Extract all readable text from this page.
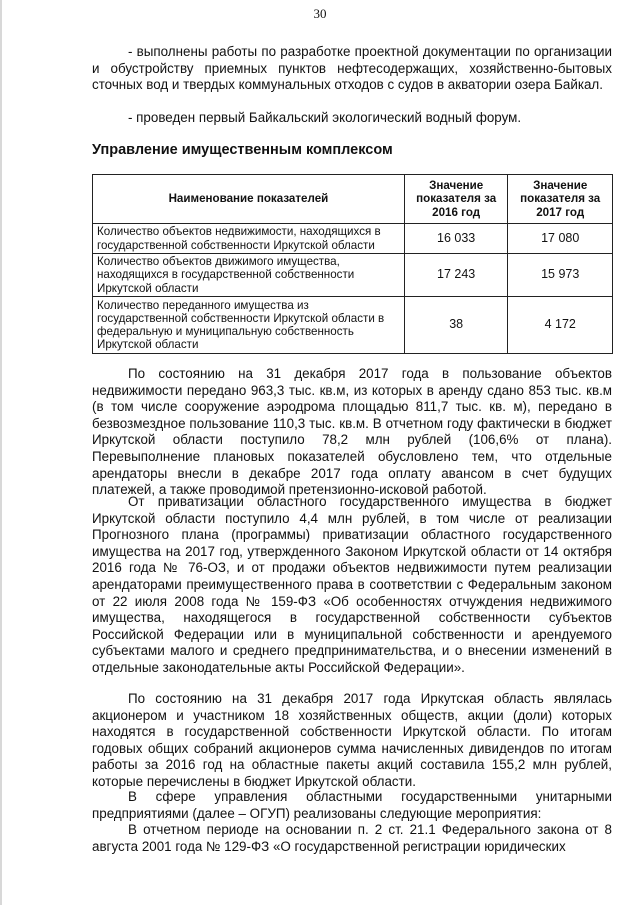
30

- выполнены работы по разработке проектной документации по организации и обустройству приемных пунктов нефтесодержащих, хозяйственно-бытовых сточных вод и твердых коммунальных отходов с судов в акватории озера Байкал.

- проведен первый Байкальский экологический водный форум.

Управление имущественным комплексом
Наименование показателей	Значение показателя за 2016 год	Значение показателя за 2017 год
Количество объектов недвижимости, находящихся в государственной собственности Иркутской области	16 033	17 080
Количество объектов движимого имущества, находящихся в государственной собственности Иркутской области	17 243	15 973
Количество переданного имущества из государственной собственности Иркутской области в федеральную и муниципальную собственность Иркутской области	38	4 172

По состоянию на 31 декабря 2017 года в пользование объектов недвижимости передано 963,3 тыс. кв.м, из которых в аренду сдано 853 тыс. кв.м (в том числе сооружение аэродрома площадью 811,7 тыс. кв. м), передано в безвозмездное пользование 110,3 тыс. кв.м. В отчетном году фактически в бюджет Иркутской области поступило 78,2 млн рублей (106,6% от плана). Перевыполнение плановых показателей обусловлено тем, что отдельные арендаторы внесли в декабре 2017 года оплату авансом в счет будущих платежей, а также проводимой претензионно-исковой работой.

От приватизации областного государственного имущества в бюджет Иркутской области поступило 4,4 млн рублей, в том числе от реализации Прогнозного плана (программы) приватизации областного государственного имущества на 2017 год, утвержденного Законом Иркутской области от 14 октября 2016 года № 76-ОЗ, и от продажи объектов недвижимости путем реализации арендаторами преимущественного права в соответствии с Федеральным законом от 22 июля 2008 года № 159-ФЗ «Об особенностях отчуждения недвижимого имущества, находящегося в государственной собственности субъектов Российской Федерации или в муниципальной собственности и арендуемого субъектами малого и среднего предпринимательства, и о внесении изменений в отдельные законодательные акты Российской Федерации».

По состоянию на 31 декабря 2017 года Иркутская область являлась акционером и участником 18 хозяйственных обществ, акции (доли) которых находятся в государственной собственности Иркутской области. По итогам годовых общих собраний акционеров сумма начисленных дивидендов по итогам работы за 2016 год на областные пакеты акций составила 155,2 млн рублей, которые перечислены в бюджет Иркутской области.

В сфере управления областными государственными унитарными предприятиями (далее – ОГУП) реализованы следующие мероприятия:

В отчетном периоде на основании п. 2 ст. 21.1 Федерального закона от 8 августа 2001 года № 129-ФЗ «О государственной регистрации юридических
